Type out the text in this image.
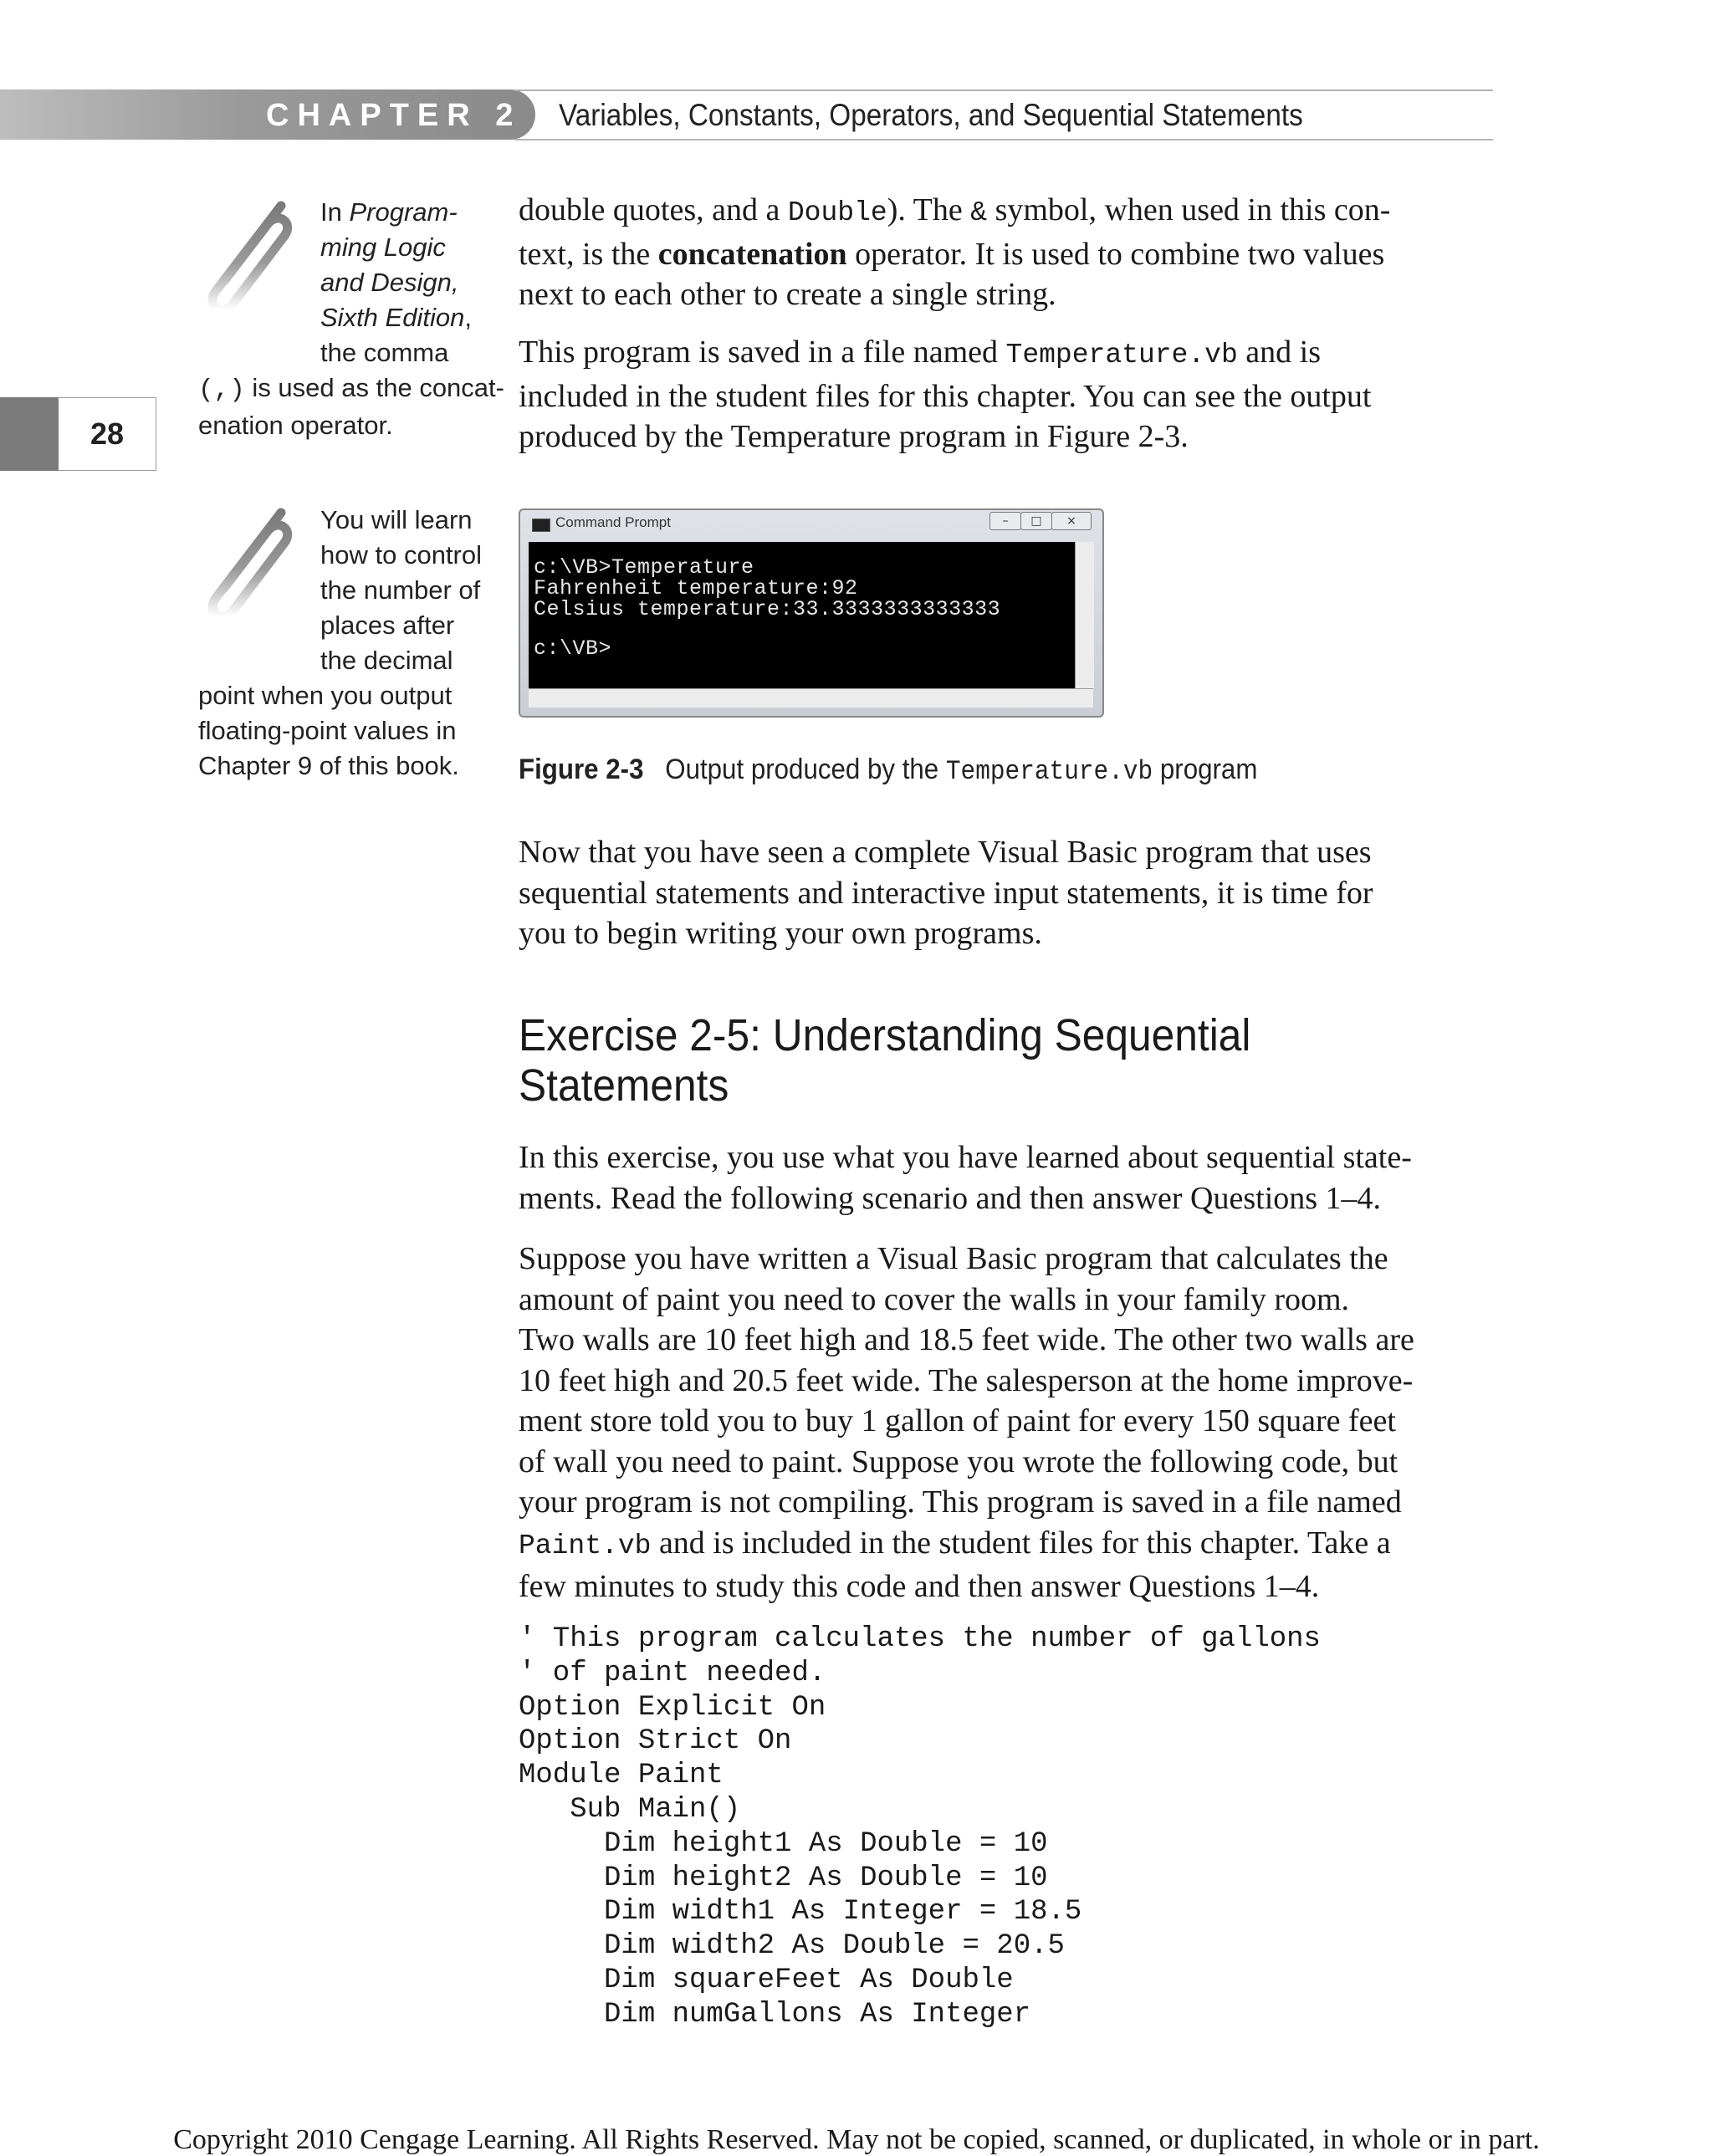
CHAPTER 2 Variables, Constants, Operators, and Sequential Statements
28
In Program-
ming Logic
and Design,
Sixth Edition,
the comma
(,) is used as the concat-
enation operator.
You will learn
how to control
the number of
places after
the decimal
point when you output
floating-point values in
Chapter 9 of this book.
double quotes, and a Double). The & symbol, when used in this con-
text, is the concatenation operator. It is used to combine two values
next to each other to create a single string.
This program is saved in a file named Temperature.vb and is
included in the student files for this chapter. You can see the output
produced by the Temperature program in Figure 2-3.
Command Prompt	–	□	×
c:\VB>Temperature
Fahrenheit temperature:92
Celsius temperature:33.3333333333333
c:\VB>
Figure 2-3 Output produced by the Temperature.vb program
Now that you have seen a complete Visual Basic program that uses
sequential statements and interactive input statements, it is time for
you to begin writing your own programs.
Exercise 2-5: Understanding Sequential
Statements
In this exercise, you use what you have learned about sequential state-
ments. Read the following scenario and then answer Questions 1–4.
Suppose you have written a Visual Basic program that calculates the
amount of paint you need to cover the walls in your family room.
Two walls are 10 feet high and 18.5 feet wide. The other two walls are
10 feet high and 20.5 feet wide. The salesperson at the home improve-
ment store told you to buy 1 gallon of paint for every 150 square feet
of wall you need to paint. Suppose you wrote the following code, but
your program is not compiling. This program is saved in a file named
Paint.vb and is included in the student files for this chapter. Take a
few minutes to study this code and then answer Questions 1–4.
' This program calculates the number of gallons
' of paint needed.
Option Explicit On
Option Strict On
Module Paint
Sub Main()
Dim height1 As Double = 10
Dim height2 As Double = 10
Dim width1 As Integer = 18.5
Dim width2 As Double = 20.5
Dim squareFeet As Double
Dim numGallons As Integer
Copyright 2010 Cengage Learning. All Rights Reserved. May not be copied, scanned, or duplicated, in whole or in part.
